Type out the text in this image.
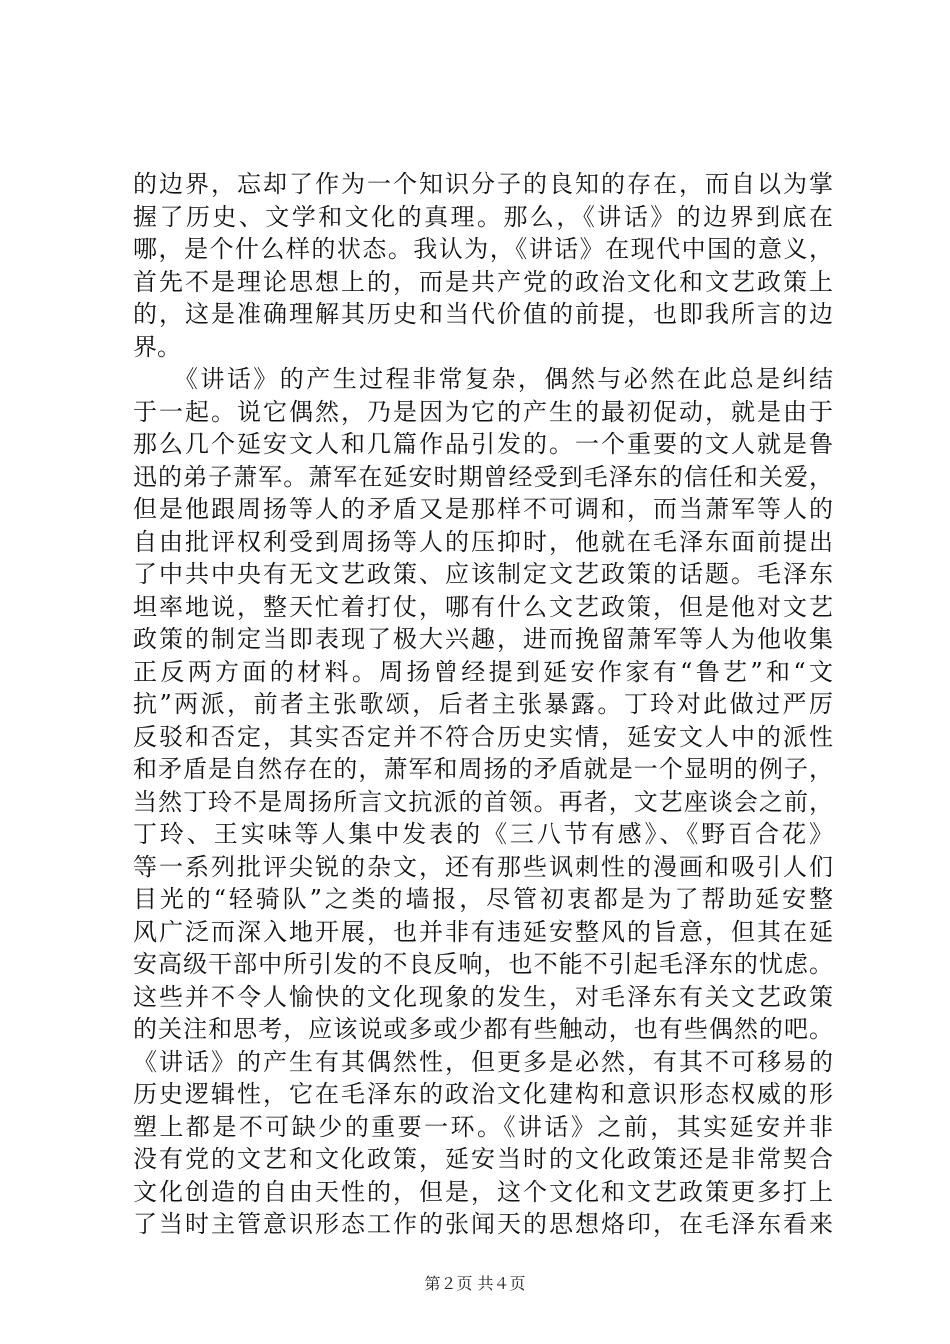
的边界，忘却了作为一个知识分子的良知的存在，而自以为掌
握了历史、文学和文化的真理。那么，《讲话》的边界到底在
哪，是个什么样的状态。我认为，《讲话》在现代中国的意义，
首先不是理论思想上的，而是共产党的政治文化和文艺政策上
的，这是准确理解其历史和当代价值的前提，也即我所言的边
界。
　　《讲话》的产生过程非常复杂，偶然与必然在此总是纠结
于一起。说它偶然，乃是因为它的产生的最初促动，就是由于
那么几个延安文人和几篇作品引发的。一个重要的文人就是鲁
迅的弟子萧军。萧军在延安时期曾经受到毛泽东的信任和关爱，
但是他跟周扬等人的矛盾又是那样不可调和，而当萧军等人的
自由批评权利受到周扬等人的压抑时，他就在毛泽东面前提出
了中共中央有无文艺政策、应该制定文艺政策的话题。毛泽东
坦率地说，整天忙着打仗，哪有什么文艺政策，但是他对文艺
政策的制定当即表现了极大兴趣，进而挽留萧军等人为他收集
正反两方面的材料。周扬曾经提到延安作家有“鲁艺”和“文
抗”两派，前者主张歌颂，后者主张暴露。丁玲对此做过严厉
反驳和否定，其实否定并不符合历史实情，延安文人中的派性
和矛盾是自然存在的，萧军和周扬的矛盾就是一个显明的例子，
当然丁玲不是周扬所言文抗派的首领。再者，文艺座谈会之前，
丁玲、王实味等人集中发表的《三八节有感》、《野百合花》
等一系列批评尖锐的杂文，还有那些讽刺性的漫画和吸引人们
目光的“轻骑队”之类的墙报，尽管初衷都是为了帮助延安整
风广泛而深入地开展，也并非有违延安整风的旨意，但其在延
安高级干部中所引发的不良反响，也不能不引起毛泽东的忧虑。
这些并不令人愉快的文化现象的发生，对毛泽东有关文艺政策
的关注和思考，应该说或多或少都有些触动，也有些偶然的吧。
《讲话》的产生有其偶然性，但更多是必然，有其不可移易的
历史逻辑性，它在毛泽东的政治文化建构和意识形态权威的形
塑上都是不可缺少的重要一环。《讲话》之前，其实延安并非
没有党的文艺和文化政策，延安当时的文化政策还是非常契合
文化创造的自由天性的，但是，这个文化和文艺政策更多打上
了当时主管意识形态工作的张闻天的思想烙印，在毛泽东看来
第２页 共４页
